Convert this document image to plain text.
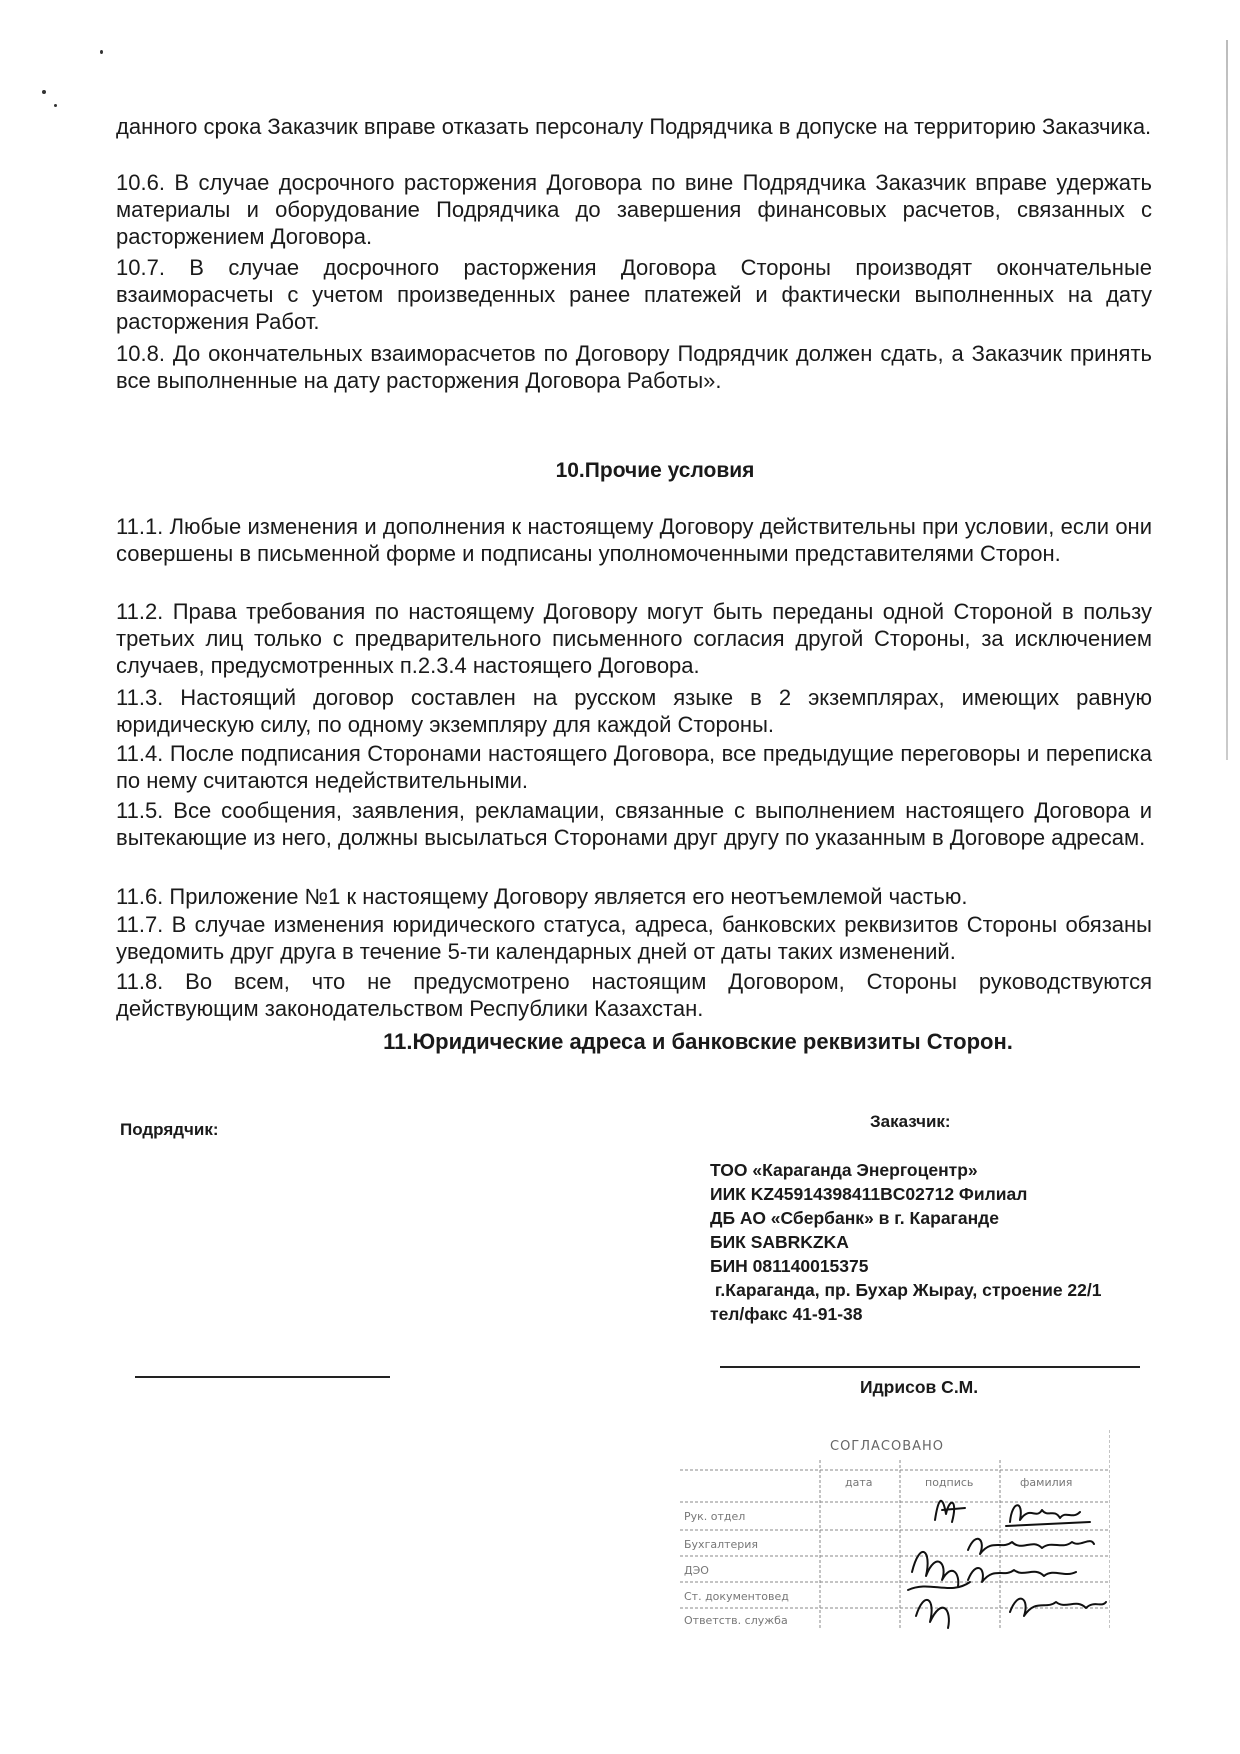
данного срока Заказчик вправе отказать персоналу Подрядчика в допуске на территорию Заказчика.

10.6. В случае досрочного расторжения Договора по вине Подрядчика Заказчик вправе удержать материалы и оборудование Подрядчика до завершения финансовых расчетов, связанных с расторжением Договора.

10.7. В случае досрочного расторжения Договора Стороны производят окончательные взаиморасчеты с учетом произведенных ранее платежей и фактически выполненных на дату расторжения Работ.

10.8. До окончательных взаиморасчетов по Договору Подрядчик должен сдать, а Заказчик принять все выполненные на дату расторжения Договора Работы».

10.Прочие условия

11.1. Любые изменения и дополнения к настоящему Договору действительны при условии, если они совершены в письменной форме и подписаны уполномоченными представителями Сторон.

11.2. Права требования по настоящему Договору могут быть переданы одной Стороной в пользу третьих лиц только с предварительного письменного согласия другой Стороны, за исключением случаев, предусмотренных п.2.3.4 настоящего Договора.

11.3. Настоящий договор составлен на русском языке в 2 экземплярах, имеющих равную юридическую силу, по одному экземпляру для каждой Стороны.

11.4. После подписания Сторонами настоящего Договора, все предыдущие переговоры и переписка по нему считаются недействительными.

11.5. Все сообщения, заявления, рекламации, связанные с выполнением настоящего Договора и вытекающие из него, должны высылаться Сторонами друг другу по указанным в Договоре адресам.

11.6. Приложение №1 к настоящему Договору является его неотъемлемой частью.

11.7. В случае изменения юридического статуса, адреса, банковских реквизитов Стороны обязаны уведомить друг друга в течение 5-ти календарных дней от даты таких изменений.

11.8. Во всем, что не предусмотрено настоящим Договором, Стороны руководствуются действующим законодательством Республики Казахстан.

11.Юридические адреса и банковские реквизиты Сторон.
Подрядчик:	Заказчик:
ТОО «Караганда Энергоцентр»
ИИК KZ45914398411BC02712 Филиал
ДБ АО «Сбербанк» в г. Караганде
БИК SABRKZKA
БИН 081140015375
г.Караганда, пр. Бухар Жырау, строение 22/1
тел/факс 41-91-38
Идрисов С.М.
СОГЛАСОВАНО
дата	подпись	фамилия
Рук. отдел
Бухгалтерия
ДЭО
Ст. документовед
Ответств. служба
